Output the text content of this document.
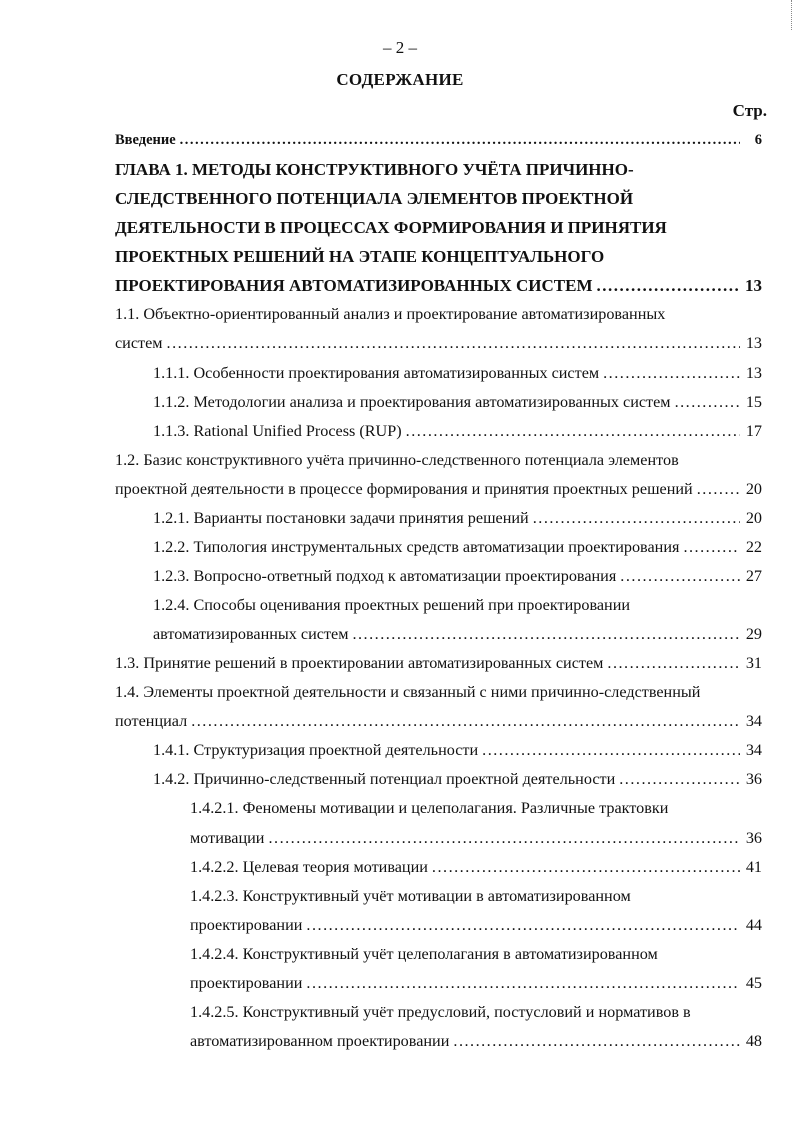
– 2 –
СОДЕРЖАНИЕ
Стр.
Введение .....	6
ГЛАВА 1. МЕТОДЫ КОНСТРУКТИВНОГО УЧЁТА ПРИЧИННО-
СЛЕДСТВЕННОГО ПОТЕНЦИАЛА ЭЛЕМЕНТОВ ПРОЕКТНОЙ
ДЕЯТЕЛЬНОСТИ В ПРОЦЕССАХ ФОРМИРОВАНИЯ И ПРИНЯТИЯ
ПРОЕКТНЫХ РЕШЕНИЙ НА ЭТАПЕ КОНЦЕПТУАЛЬНОГО
ПРОЕКТИРОВАНИЯ АВТОМАТИЗИРОВАННЫХ СИСТЕМ .....	13
1.1. Объектно-ориентированный анализ и проектирование автоматизированных
систем .....	13
1.1.1. Особенности проектирования автоматизированных систем .....	13
1.1.2. Методологии анализа и проектирования автоматизированных систем .....	15
1.1.3. Rational Unified Process (RUP) .....	17
1.2. Базис конструктивного учёта причинно-следственного потенциала элементов
проектной деятельности в процессе формирования и принятия проектных решений .....	20
1.2.1. Варианты постановки задачи принятия решений .....	20
1.2.2. Типология инструментальных средств автоматизации проектирования .....	22
1.2.3. Вопросно-ответный подход к автоматизации проектирования .....	27
1.2.4. Способы оценивания проектных решений при проектировании
автоматизированных систем .....	29
1.3. Принятие решений в проектировании автоматизированных систем .....	31
1.4. Элементы проектной деятельности и связанный с ними причинно-следственный
потенциал .....	34
1.4.1. Структуризация проектной деятельности .....	34
1.4.2. Причинно-следственный потенциал проектной деятельности .....	36
1.4.2.1. Феномены мотивации и целеполагания. Различные трактовки
мотивации .....	36
1.4.2.2. Целевая теория мотивации .....	41
1.4.2.3. Конструктивный учёт мотивации в автоматизированном
проектировании .....	44
1.4.2.4. Конструктивный учёт целеполагания в автоматизированном
проектировании .....	45
1.4.2.5. Конструктивный учёт предусловий, постусловий и нормативов в
автоматизированном проектировании .....	48
